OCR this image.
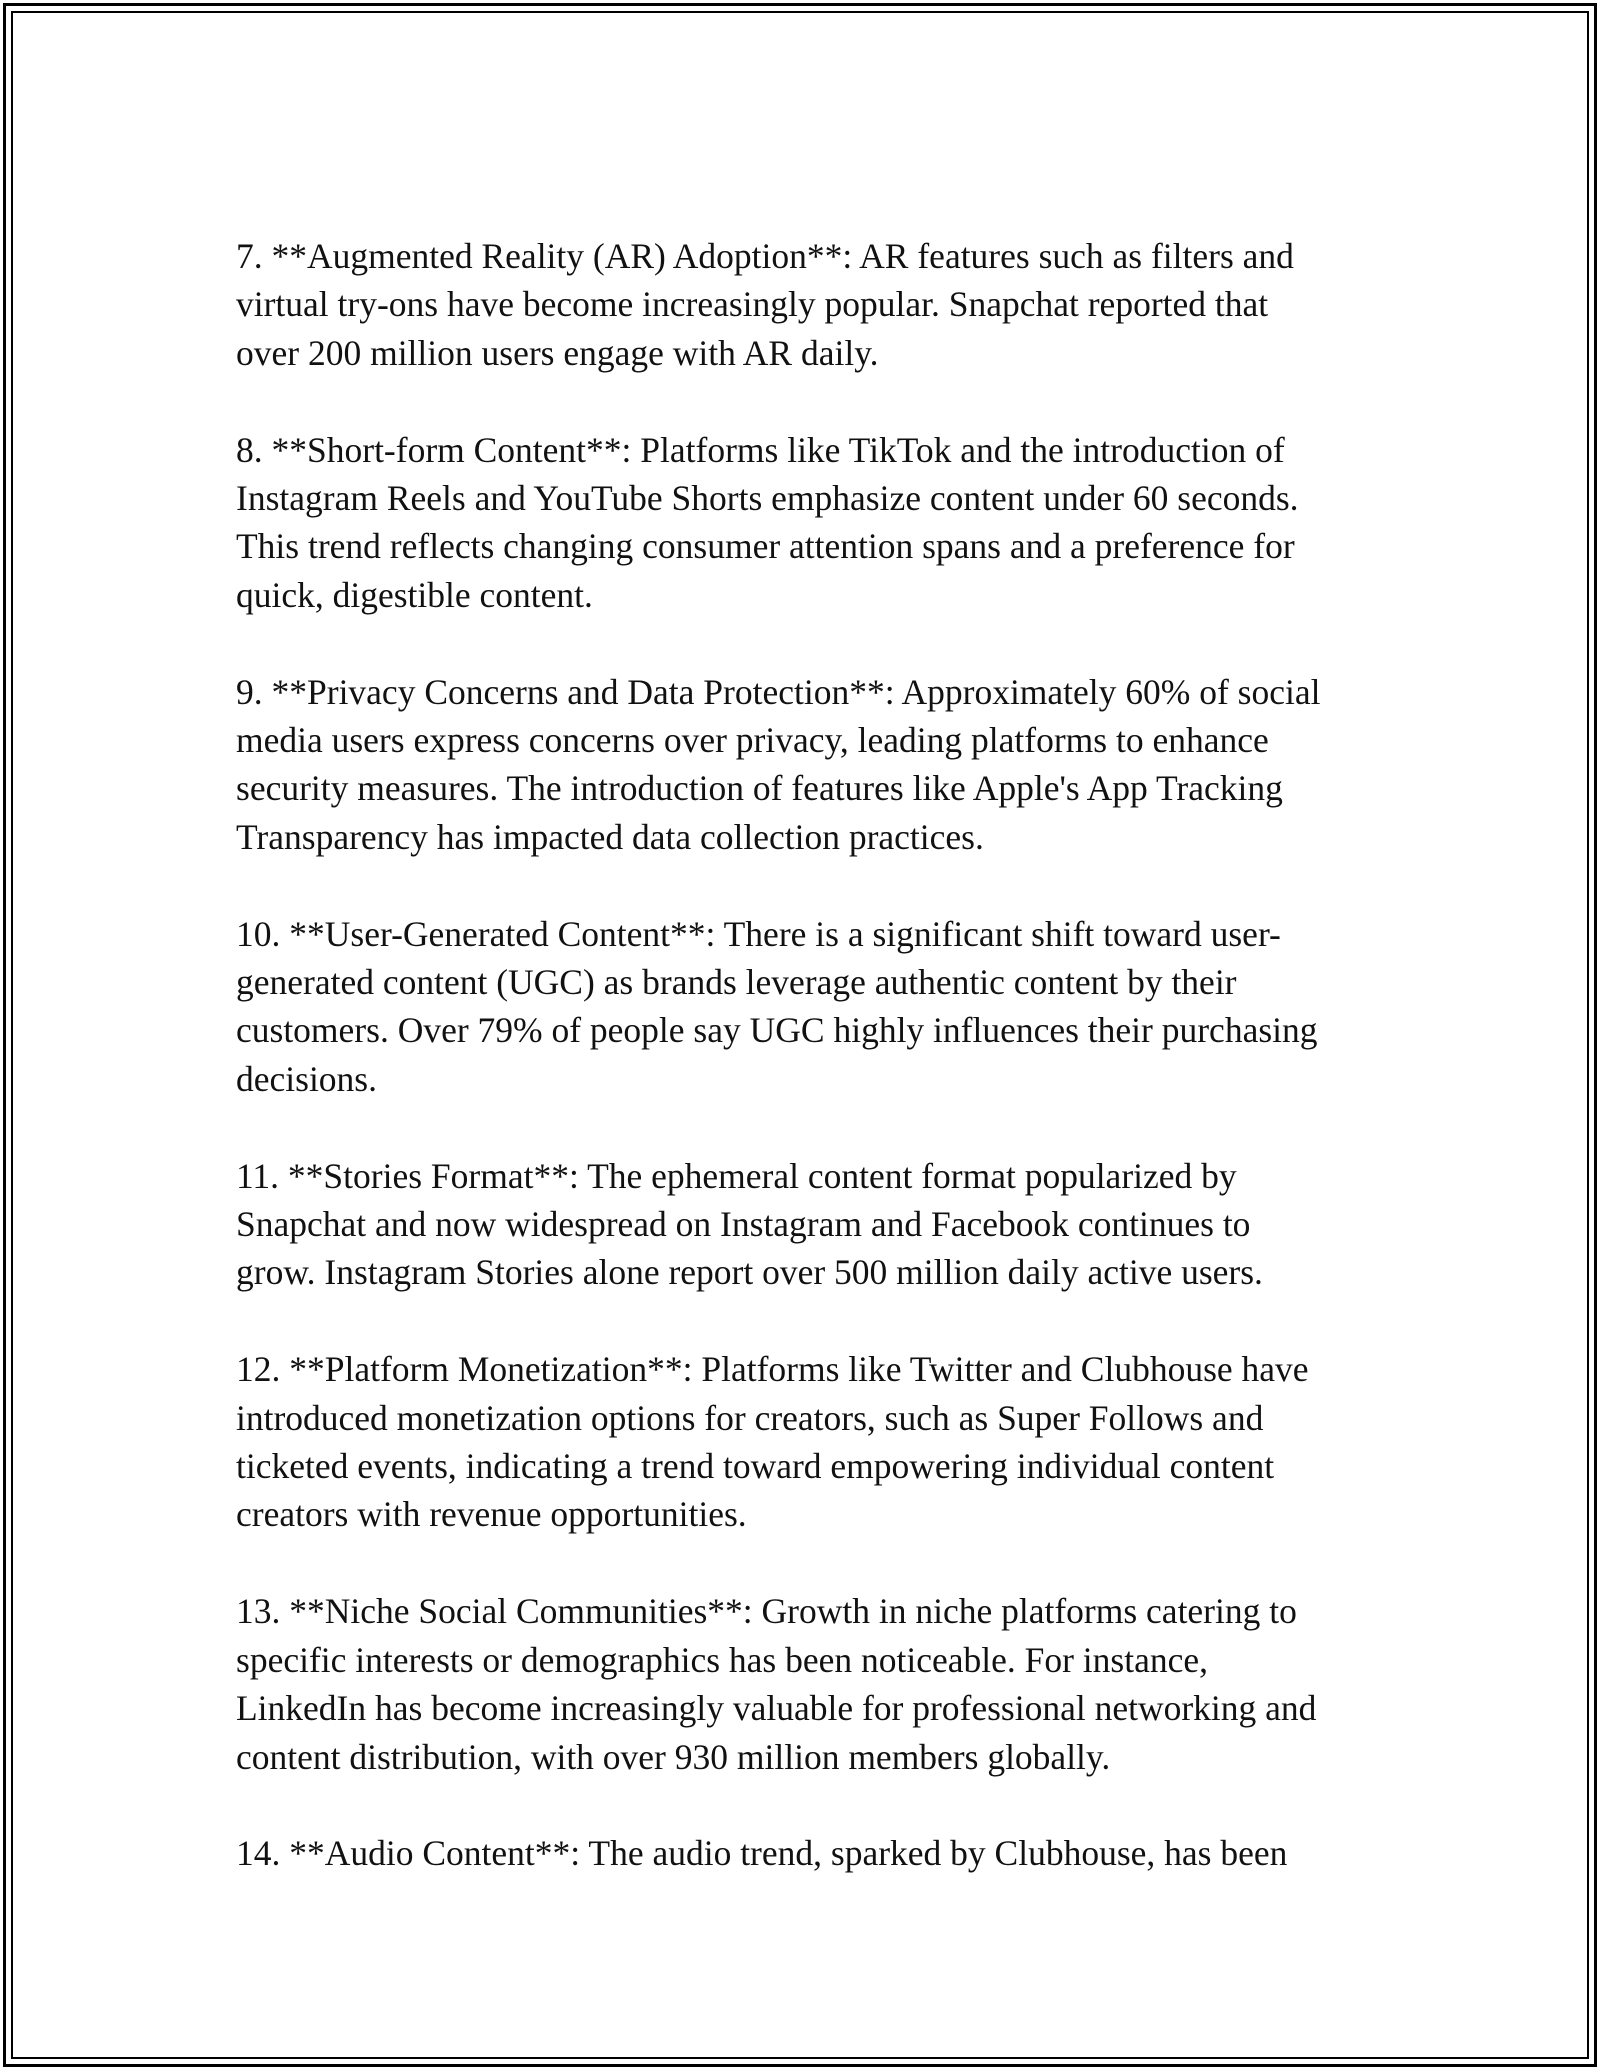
7. **Augmented Reality (AR) Adoption**: AR features such as filters and
virtual try-ons have become increasingly popular. Snapchat reported that
over 200 million users engage with AR daily.

8. **Short-form Content**: Platforms like TikTok and the introduction of
Instagram Reels and YouTube Shorts emphasize content under 60 seconds.
This trend reflects changing consumer attention spans and a preference for
quick, digestible content.

9. **Privacy Concerns and Data Protection**: Approximately 60% of social
media users express concerns over privacy, leading platforms to enhance
security measures. The introduction of features like Apple's App Tracking
Transparency has impacted data collection practices.

10. **User-Generated Content**: There is a significant shift toward user-
generated content (UGC) as brands leverage authentic content by their
customers. Over 79% of people say UGC highly influences their purchasing
decisions.

11. **Stories Format**: The ephemeral content format popularized by
Snapchat and now widespread on Instagram and Facebook continues to
grow. Instagram Stories alone report over 500 million daily active users.

12. **Platform Monetization**: Platforms like Twitter and Clubhouse have
introduced monetization options for creators, such as Super Follows and
ticketed events, indicating a trend toward empowering individual content
creators with revenue opportunities.

13. **Niche Social Communities**: Growth in niche platforms catering to
specific interests or demographics has been noticeable. For instance,
LinkedIn has become increasingly valuable for professional networking and
content distribution, with over 930 million members globally.

14. **Audio Content**: The audio trend, sparked by Clubhouse, has been
